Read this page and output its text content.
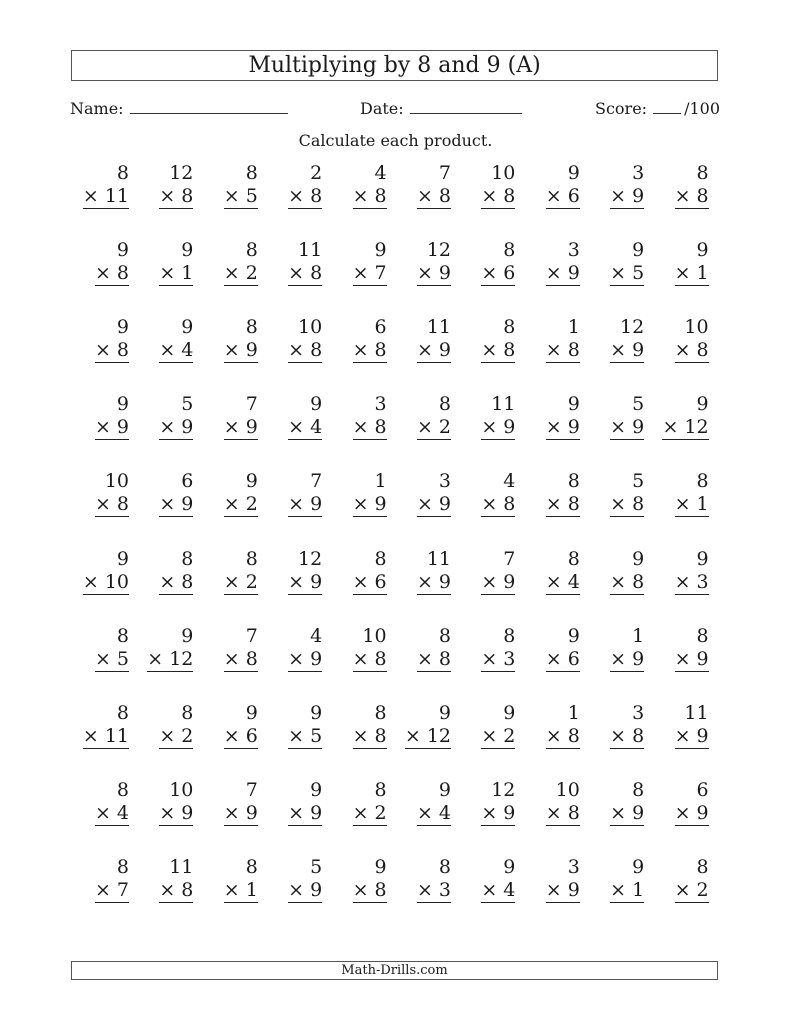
Multiplying by 8 and 9 (A)
Name:	Date:	Score: /100
Calculate each product.
8
× 11
12
× 8
8
× 5
2
× 8
4
× 8
7
× 8
10
× 8
9
× 6
3
× 9
8
× 8
9
× 8
9
× 1
8
× 2
11
× 8
9
× 7
12
× 9
8
× 6
3
× 9
9
× 5
9
× 1
9
× 8
9
× 4
8
× 9
10
× 8
6
× 8
11
× 9
8
× 8
1
× 8
12
× 9
10
× 8
9
× 9
5
× 9
7
× 9
9
× 4
3
× 8
8
× 2
11
× 9
9
× 9
5
× 9
9
× 12
10
× 8
6
× 9
9
× 2
7
× 9
1
× 9
3
× 9
4
× 8
8
× 8
5
× 8
8
× 1
9
× 10
8
× 8
8
× 2
12
× 9
8
× 6
11
× 9
7
× 9
8
× 4
9
× 8
9
× 3
8
× 5
9
× 12
7
× 8
4
× 9
10
× 8
8
× 8
8
× 3
9
× 6
1
× 9
8
× 9
8
× 11
8
× 2
9
× 6
9
× 5
8
× 8
9
× 12
9
× 2
1
× 8
3
× 8
11
× 9
8
× 4
10
× 9
7
× 9
9
× 9
8
× 2
9
× 4
12
× 9
10
× 8
8
× 9
6
× 9
8
× 7
11
× 8
8
× 1
5
× 9
9
× 8
8
× 3
9
× 4
3
× 9
9
× 1
8
× 2
Math-Drills.com
